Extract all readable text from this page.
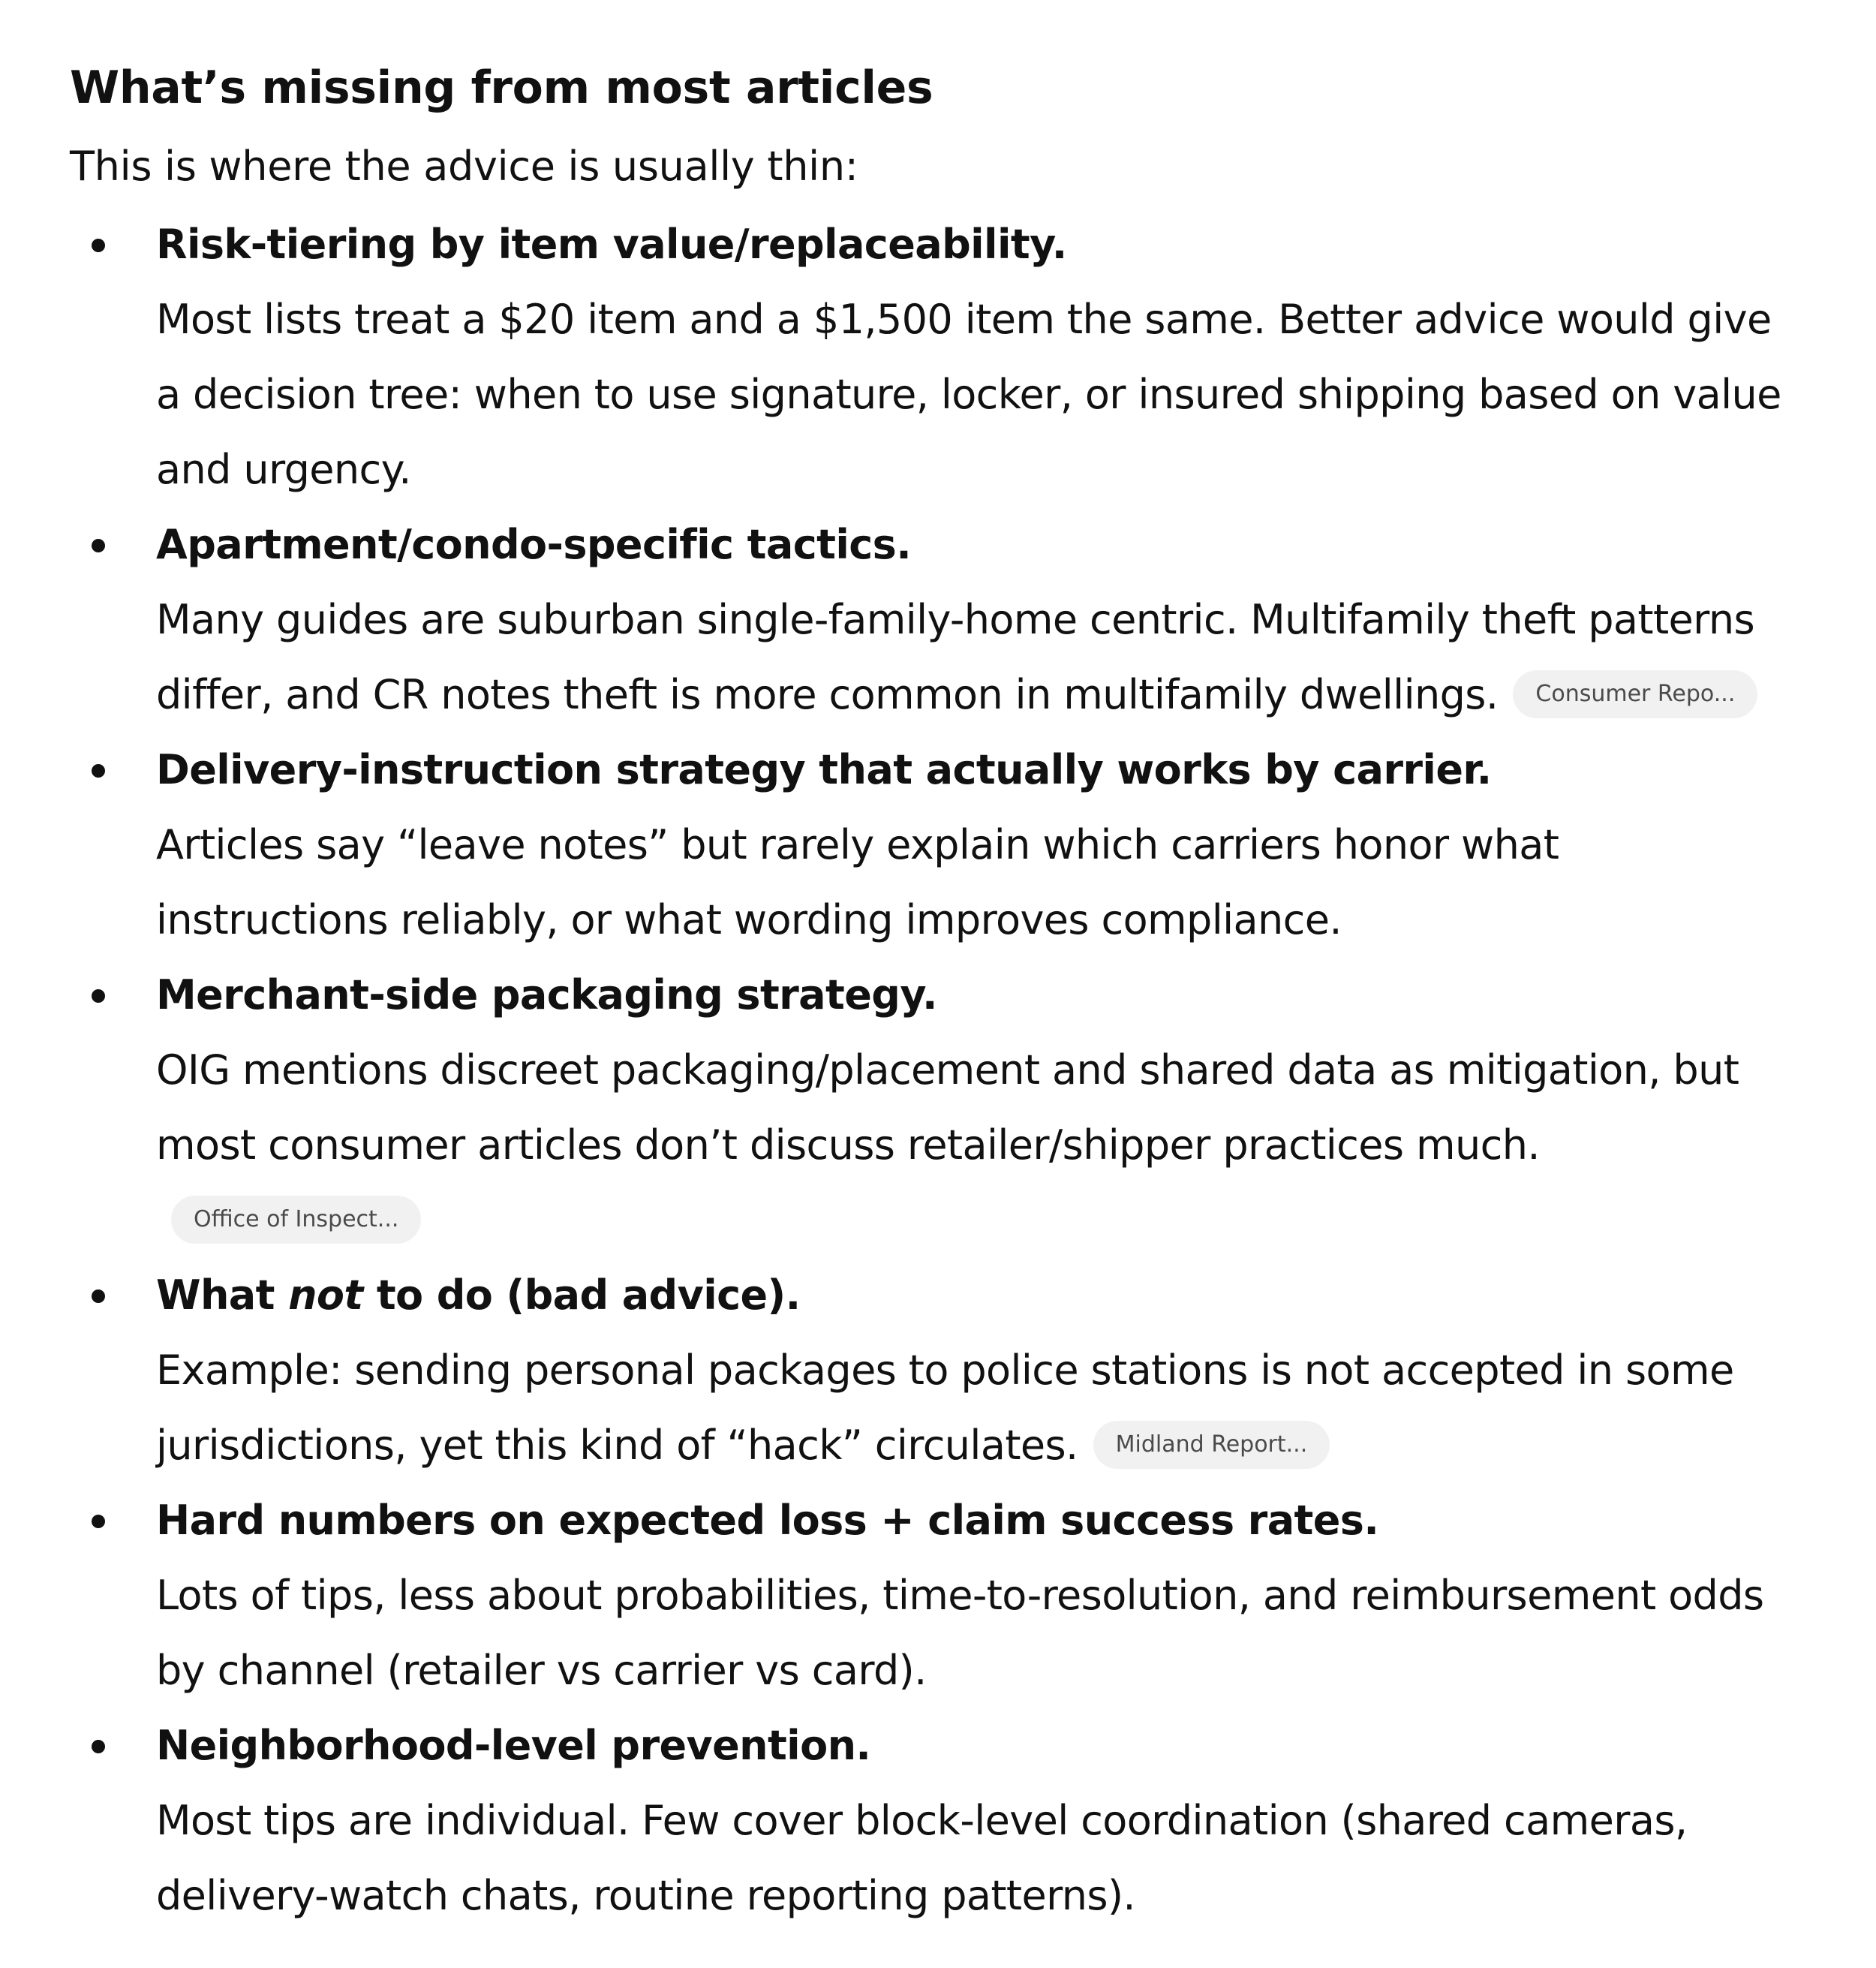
What’s missing from most articles

This is where the advice is usually thin:

Risk-tiering by item value/replaceability.
Most lists treat a $20 item and a $1,500 item the same. Better advice would give a decision tree: when to use signature, locker, or insured shipping based on value and urgency.
Apartment/condo-specific tactics.
Many guides are suburban single-family-home centric. Multifamily theft patterns differ, and CR notes theft is more common in multifamily dwellings. Consumer Repo...
Delivery-instruction strategy that actually works by carrier.
Articles say “leave notes” but rarely explain which carriers honor what instructions reliably, or what wording improves compliance.
Merchant-side packaging strategy.
OIG mentions discreet packaging/placement and shared data as mitigation, but most consumer articles don’t discuss retailer/shipper practices much.Office of Inspect...
What not to do (bad advice).
Example: sending personal packages to police stations is not accepted in some jurisdictions, yet this kind of “hack” circulates. Midland Report...
Hard numbers on expected loss + claim success rates.
Lots of tips, less about probabilities, time-to-resolution, and reimbursement odds by channel (retailer vs carrier vs card).
Neighborhood-level prevention.
Most tips are individual. Few cover block-level coordination (shared cameras, delivery-watch chats, routine reporting patterns).
